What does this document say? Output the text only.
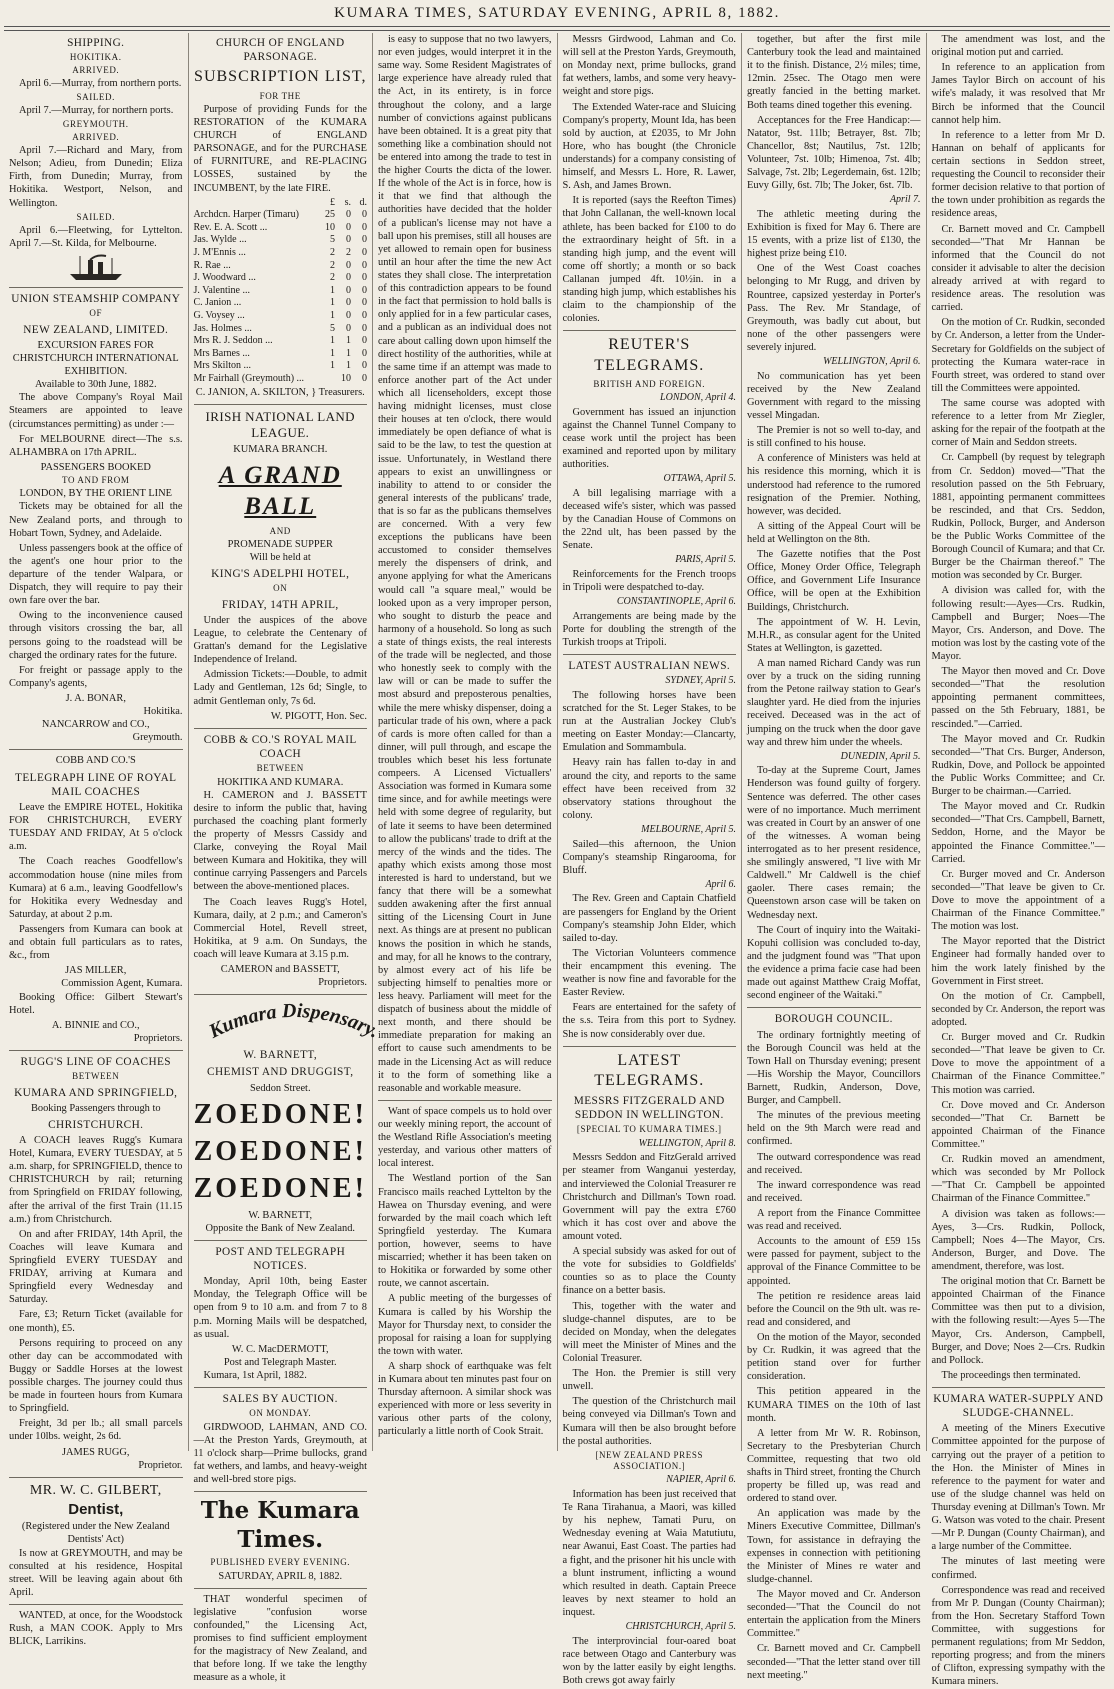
KUMARA TIMES, SATURDAY EVENING, APRIL 8, 1882.
SHIPPING.
HOKITIKA.
ARRIVED.
April 6.—Murray, from northern ports.
SAILED.
April 7.—Murray, for northern ports.
GREYMOUTH.
ARRIVED.
April 7.—Richard and Mary, from Nelson; Adieu, from Dunedin; Eliza Firth, from Dunedin; Murray, from Hokitika. Westport, Nelson, and Wellington.
SAILED.
April 6.—Fleetwing, for Lyttelton. April 7.—St. Kilda, for Melbourne.
UNION STEAMSHIP COMPANY
OF
NEW ZEALAND, LIMITED.
EXCURSION FARES FOR CHRISTCHURCH INTERNATIONAL EXHIBITION.
Available to 30th June, 1882.
The above Company's Royal Mail Steamers are appointed to leave (circumstances permitting) as under :—
For MELBOURNE direct—The s.s. ALHAMBRA on 17th APRIL.
PASSENGERS BOOKED
TO AND FROM
LONDON, BY THE ORIENT LINE
Tickets may be obtained for all the New Zealand ports, and through to Hobart Town, Sydney, and Adelaide.
Unless passengers book at the office of the agent's one hour prior to the departure of the tender Walpara, or Dispatch, they will require to pay their own fare over the bar.
Owing to the inconvenience caused through visitors crossing the bar, all persons going to the roadstead will be charged the ordinary rates for the future.
For freight or passage apply to the Company's agents,
J. A. BONAR,
Hokitika.
NANCARROW and CO.,
Greymouth.
COBB AND CO.'S
TELEGRAPH LINE OF ROYAL MAIL COACHES
Leave the EMPIRE HOTEL, Hokitika FOR CHRISTCHURCH, EVERY TUESDAY AND FRIDAY, At 5 o'clock a.m.
The Coach reaches Goodfellow's accommodation house (nine miles from Kumara) at 6 a.m., leaving Goodfellow's for Hokitika every Wednesday and Saturday, at about 2 p.m.
Passengers from Kumara can book at and obtain full particulars as to rates, &c., from
JAS MILLER,
Commission Agent, Kumara.
Booking Office: Gilbert Stewart's Hotel.
A. BINNIE and CO.,
Proprietors.
RUGG'S LINE OF COACHES
BETWEEN
KUMARA AND SPRINGFIELD,
Booking Passengers through to
CHRISTCHURCH.
A COACH leaves Rugg's Kumara Hotel, Kumara, EVERY TUESDAY, at 5 a.m. sharp, for SPRINGFIELD, thence to CHRISTCHURCH by rail; returning from Springfield on FRIDAY following, after the arrival of the first Train (11.15 a.m.) from Christchurch.
On and after FRIDAY, 14th April, the Coaches will leave Kumara and Springfield EVERY TUESDAY and FRIDAY, arriving at Kumara and Springfield every Wednesday and Saturday.
Fare, £3; Return Ticket (available for one month), £5.
Persons requiring to proceed on any other day can be accommodated with Buggy or Saddle Horses at the lowest possible charges. The journey could thus be made in fourteen hours from Kumara to Springfield.
Freight, 3d per lb.; all small parcels under 10lbs. weight, 2s 6d.
JAMES RUGG,
Proprietor.
MR. W. C. GILBERT,
Dentist,
(Registered under the New Zealand Dentists' Act)
Is now at GREYMOUTH, and may be consulted at his residence, Hospital street. Will be leaving again about 6th April.
WANTED, at once, for the Woodstock Rush, a MAN COOK. Apply to Mrs BLICK, Larrikins.
CHURCH OF ENGLAND PARSONAGE.
SUBSCRIPTION LIST,
FOR THE
Purpose of providing Funds for the RESTORATION of the KUMARA CHURCH of ENGLAND PARSONAGE, and for the PURCHASE of FURNITURE, and RE-PLACING LOSSES, sustained by the INCUMBENT, by the late FIRE.
	£	s.	d.
Archdcn. Harper (Timaru)	25	0	0
Rev. E. A. Scott ...	10	0	0
Jas. Wylde ...	5	0	0
J. M'Ennis ...	2	2	0
R. Rae ...	2	0	0
J. Woodward ...	2	0	0
J. Valentine ...	1	0	0
C. Janion ...	1	0	0
G. Voysey ...	1	0	0
Jas. Holmes ...	5	0	0
Mrs R. J. Seddon ...	1	1	0
Mrs Barnes ...	1	1	0
Mrs Skilton ...	1	1	0
Mr Fairhall (Greymouth) ...		10	0
C. JANION, A. SKILTON, } Treasurers.
IRISH NATIONAL LAND LEAGUE.
KUMARA BRANCH.
A GRAND BALL
AND
PROMENADE SUPPER
Will be held at
KING'S ADELPHI HOTEL,
ON
FRIDAY, 14TH APRIL,
Under the auspices of the above League, to celebrate the Centenary of Grattan's demand for the Legislative Independence of Ireland.
Admission Tickets:—Double, to admit Lady and Gentleman, 12s 6d; Single, to admit Gentleman only, 7s 6d.
W. PIGOTT, Hon. Sec.
COBB & CO.'S ROYAL MAIL COACH
BETWEEN
HOKITIKA AND KUMARA.
H. CAMERON and J. BASSETT desire to inform the public that, having purchased the coaching plant formerly the property of Messrs Cassidy and Clarke, conveying the Royal Mail between Kumara and Hokitika, they will continue carrying Passengers and Parcels between the above-mentioned places.
The Coach leaves Rugg's Hotel, Kumara, daily, at 2 p.m.; and Cameron's Commercial Hotel, Revell street, Hokitika, at 9 a.m. On Sundays, the coach will leave Kumara at 3.15 p.m.
CAMERON and BASSETT,
Proprietors.
Kumara Dispensary.
W. BARNETT,
CHEMIST AND DRUGGIST,
Seddon Street.
ZOEDONE!
ZOEDONE!
ZOEDONE!
W. BARNETT,
Opposite the Bank of New Zealand.
POST AND TELEGRAPH NOTICES.
Monday, April 10th, being Easter Monday, the Telegraph Office will be open from 9 to 10 a.m. and from 7 to 8 p.m. Morning Mails will be despatched, as usual.
W. C. MacDERMOTT,
Post and Telegraph Master.
Kumara, 1st April, 1882.
SALES BY AUCTION.
ON MONDAY.
GIRDWOOD, LAHMAN, AND CO.—At the Preston Yards, Greymouth, at 11 o'clock sharp—Prime bullocks, grand fat wethers, and lambs, and heavy-weight and well-bred store pigs.
The Kumara Times.
PUBLISHED EVERY EVENING.
SATURDAY, APRIL 8, 1882.
THAT wonderful specimen of legislative "confusion worse confounded," the Licensing Act, promises to find sufficient employment for the magistracy of New Zealand, and that before long. If we take the lengthy measure as a whole, it
is easy to suppose that no two lawyers, nor even judges, would interpret it in the same way. Some Resident Magistrates of large experience have already ruled that the Act, in its entirety, is in force throughout the colony, and a large number of convictions against publicans have been obtained. It is a great pity that something like a combination should not be entered into among the trade to test in the higher Courts the dicta of the lower. If the whole of the Act is in force, how is it that we find that although the authorities have decided that the holder of a publican's license may not have a ball upon his premises, still all houses are yet allowed to remain open for business until an hour after the time the new Act states they shall close. The interpretation of this contradiction appears to be found in the fact that permission to hold balls is only applied for in a few particular cases, and a publican as an individual does not care about calling down upon himself the direct hostility of the authorities, while at the same time if an attempt was made to enforce another part of the Act under which all licenseholders, except those having midnight licenses, must close their houses at ten o'clock, there would immediately be open defiance of what is said to be the law, to test the question at issue. Unfortunately, in Westland there appears to exist an unwillingness or inability to attend to or consider the general interests of the publicans' trade, that is so far as the publicans themselves are concerned. With a very few exceptions the publicans have been accustomed to consider themselves merely the dispensers of drink, and anyone applying for what the Americans would call "a square meal," would be looked upon as a very improper person, who sought to disturb the peace and harmony of a household. So long as such a state of things exists, the real interests of the trade will be neglected, and those who honestly seek to comply with the law will or can be made to suffer the most absurd and preposterous penalties, while the mere whisky dispenser, doing a particular trade of his own, where a pack of cards is more often called for than a dinner, will pull through, and escape the troubles which beset his less fortunate compeers. A Licensed Victuallers' Association was formed in Kumara some time since, and for awhile meetings were held with some degree of regularity, but of late it seems to have been determined to allow the publicans' trade to drift at the mercy of the winds and the tides. The apathy which exists among those most interested is hard to understand, but we fancy that there will be a somewhat sudden awakening after the first annual sitting of the Licensing Court in June next. As things are at present no publican knows the position in which he stands, and may, for all he knows to the contrary, by almost every act of his life be subjecting himself to penalties more or less heavy. Parliament will meet for the dispatch of business about the middle of next month, and there should be immediate preparation for making an effort to cause such amendments to be made in the Licensing Act as will reduce it to the form of something like a reasonable and workable measure.
Want of space compels us to hold over our weekly mining report, the account of the Westland Rifle Association's meeting yesterday, and various other matters of local interest.
The Westland portion of the San Francisco mails reached Lyttelton by the Hawea on Thursday evening, and were forwarded by the mail coach which left Springfield yesterday. The Kumara portion, however, seems to have miscarried; whether it has been taken on to Hokitika or forwarded by some other route, we cannot ascertain.
A public meeting of the burgesses of Kumara is called by his Worship the Mayor for Thursday next, to consider the proposal for raising a loan for supplying the town with water.
A sharp shock of earthquake was felt in Kumara about ten minutes past four on Thursday afternoon. A similar shock was experienced with more or less severity in various other parts of the colony, particularly a little north of Cook Strait.
Messrs Girdwood, Lahman and Co. will sell at the Preston Yards, Greymouth, on Monday next, prime bullocks, grand fat wethers, lambs, and some very heavy-weight and store pigs.
The Extended Water-race and Sluicing Company's property, Mount Ida, has been sold by auction, at £2035, to Mr John Hore, who has bought (the Chronicle understands) for a company consisting of himself, and Messrs L. Hore, R. Lawer, S. Ash, and James Brown.
It is reported (says the Reefton Times) that John Callanan, the well-known local athlete, has been backed for £100 to do the extraordinary height of 5ft. in a standing high jump, and the event will come off shortly; a month or so back Callanan jumped 4ft. 10½in. in a standing high jump, which establishes his claim to the championship of the colonies.
REUTER'S TELEGRAMS.
BRITISH AND FOREIGN.
LONDON, April 4.
Government has issued an injunction against the Channel Tunnel Company to cease work until the project has been examined and reported upon by military authorities.
OTTAWA, April 5.
A bill legalising marriage with a deceased wife's sister, which was passed by the Canadian House of Commons on the 22nd ult, has been passed by the Senate.
PARIS, April 5.
Reinforcements for the French troops in Tripoli were despatched to-day.
CONSTANTINOPLE, April 6.
Arrangements are being made by the Porte for doubling the strength of the Turkish troops at Tripoli.
LATEST AUSTRALIAN NEWS.
SYDNEY, April 5.
The following horses have been scratched for the St. Leger Stakes, to be run at the Australian Jockey Club's meeting on Easter Monday:—Clancarty, Emulation and Sommambula.
Heavy rain has fallen to-day in and around the city, and reports to the same effect have been received from 32 observatory stations throughout the colony.
MELBOURNE, April 5.
Sailed—this afternoon, the Union Company's steamship Ringarooma, for Bluff.
April 6.
The Rev. Green and Captain Chatfield are passengers for England by the Orient Company's steamship John Elder, which sailed to-day.
The Victorian Volunteers commence their encampment this evening. The weather is now fine and favorable for the Easter Review.
Fears are entertained for the safety of the s.s. Teira from this port to Sydney. She is now considerably over due.
LATEST TELEGRAMS.
MESSRS FITZGERALD AND SEDDON IN WELLINGTON.
[SPECIAL TO KUMARA TIMES.]
WELLINGTON, April 8.
Messrs Seddon and FitzGerald arrived per steamer from Wanganui yesterday, and interviewed the Colonial Treasurer re Christchurch and Dillman's Town road. Government will pay the extra £760 which it has cost over and above the amount voted.
A special subsidy was asked for out of the vote for subsidies to Goldfields' counties so as to place the County finance on a better basis.
This, together with the water and sludge-channel disputes, are to be decided on Monday, when the delegates will meet the Minister of Mines and the Colonial Treasurer.
The Hon. the Premier is still very unwell.
The question of the Christchurch mail being conveyed via Dillman's Town and Kumara will then be also brought before the postal authorities.
[NEW ZEALAND PRESS ASSOCIATION.]
NAPIER, April 6.
Information has been just received that Te Rana Tirahanua, a Maori, was killed by his nephew, Tamati Puru, on Wednesday evening at Waia Matutiutu, near Awanui, East Coast. The parties had a fight, and the prisoner hit his uncle with a blunt instrument, inflicting a wound which resulted in death. Captain Preece leaves by next steamer to hold an inquest.
CHRISTCHURCH, April 5.
The interprovincial four-oared boat race between Otago and Canterbury was won by the latter easily by eight lengths. Both crews got away fairly
together, but after the first mile Canterbury took the lead and maintained it to the finish. Distance, 2½ miles; time, 12min. 25sec. The Otago men were greatly fancied in the betting market. Both teams dined together this evening.
Acceptances for the Free Handicap:—Natator, 9st. 11lb; Betrayer, 8st. 7lb; Chancellor, 8st; Nautilus, 7st. 12lb; Volunteer, 7st. 10lb; Himenoa, 7st. 4lb; Salvage, 7st. 2lb; Legerdemain, 6st. 12lb; Euvy Gilly, 6st. 7lb; The Joker, 6st. 7lb.
April 7.
The athletic meeting during the Exhibition is fixed for May 6. There are 15 events, with a prize list of £130, the highest prize being £10.
One of the West Coast coaches belonging to Mr Rugg, and driven by Rountree, capsized yesterday in Porter's Pass. The Rev. Mr Standage, of Greymouth, was badly cut about, but none of the other passengers were severely injured.
WELLINGTON, April 6.
No communication has yet been received by the New Zealand Government with regard to the missing vessel Mingadan.
The Premier is not so well to-day, and is still confined to his house.
A conference of Ministers was held at his residence this morning, which it is understood had reference to the rumored resignation of the Premier. Nothing, however, was decided.
A sitting of the Appeal Court will be held at Wellington on the 8th.
The Gazette notifies that the Post Office, Money Order Office, Telegraph Office, and Government Life Insurance Office, will be open at the Exhibition Buildings, Christchurch.
The appointment of W. H. Levin, M.H.R., as consular agent for the United States at Wellington, is gazetted.
A man named Richard Candy was run over by a truck on the siding running from the Petone railway station to Gear's slaughter yard. He died from the injuries received. Deceased was in the act of jumping on the truck when the door gave way and threw him under the wheels.
DUNEDIN, April 5.
To-day at the Supreme Court, James Henderson was found guilty of forgery. Sentence was deferred. The other cases were of no importance. Much merriment was created in Court by an answer of one of the witnesses. A woman being interrogated as to her present residence, she smilingly answered, "I live with Mr Caldwell." Mr Caldwell is the chief gaoler. There cases remain; the Queenstown arson case will be taken on Wednesday next.
The Court of inquiry into the Waitaki-Kopuhi collision was concluded to-day, and the judgment found was "That upon the evidence a prima facie case had been made out against Matthew Craig Moffat, second engineer of the Waitaki."
BOROUGH COUNCIL.
The ordinary fortnightly meeting of the Borough Council was held at the Town Hall on Thursday evening; present—His Worship the Mayor, Councillors Barnett, Rudkin, Anderson, Dove, Burger, and Campbell.
The minutes of the previous meeting held on the 9th March were read and confirmed.
The outward correspondence was read and received.
The inward correspondence was read and received.
A report from the Finance Committee was read and received.
Accounts to the amount of £59 15s were passed for payment, subject to the approval of the Finance Committee to be appointed.
The petition re residence areas laid before the Council on the 9th ult. was re-read and considered, and
On the motion of the Mayor, seconded by Cr. Rudkin, it was agreed that the petition stand over for further consideration.
This petition appeared in the KUMARA TIMES on the 10th of last month.
A letter from Mr W. R. Robinson, Secretary to the Presbyterian Church Committee, requesting that two old shafts in Third street, fronting the Church property be filled up, was read and ordered to stand over.
An application was made by the Miners Executive Committee, Dillman's Town, for assistance in defraying the expenses in connection with petitioning the Minister of Mines re water and sludge-channel.
The Mayor moved and Cr. Anderson seconded—"That the Council do not entertain the application from the Miners Committee."
Cr. Barnett moved and Cr. Campbell seconded—"That the letter stand over till next meeting."
The amendment was lost, and the original motion put and carried.
In reference to an application from James Taylor Birch on account of his wife's malady, it was resolved that Mr Birch be informed that the Council cannot help him.
In reference to a letter from Mr D. Hannan on behalf of applicants for certain sections in Seddon street, requesting the Council to reconsider their former decision relative to that portion of the town under prohibition as regards the residence areas,
Cr. Barnett moved and Cr. Campbell seconded—"That Mr Hannan be informed that the Council do not consider it advisable to alter the decision already arrived at with regard to residence areas. The resolution was carried.
On the motion of Cr. Rudkin, seconded by Cr. Anderson, a letter from the Under-Secretary for Goldfields on the subject of protecting the Kumara water-race in Fourth street, was ordered to stand over till the Committees were appointed.
The same course was adopted with reference to a letter from Mr Ziegler, asking for the repair of the footpath at the corner of Main and Seddon streets.
Cr. Campbell (by request by telegraph from Cr. Seddon) moved—"That the resolution passed on the 5th February, 1881, appointing permanent committees be rescinded, and that Crs. Seddon, Rudkin, Pollock, Burger, and Anderson be the Public Works Committee of the Borough Council of Kumara; and that Cr. Burger be the Chairman thereof." The motion was seconded by Cr. Burger.
A division was called for, with the following result:—Ayes—Crs. Rudkin, Campbell and Burger; Noes—The Mayor, Crs. Anderson, and Dove. The motion was lost by the casting vote of the Mayor.
The Mayor then moved and Cr. Dove seconded—"That the resolution appointing permanent committees, passed on the 5th February, 1881, be rescinded."—Carried.
The Mayor moved and Cr. Rudkin seconded—"That Crs. Burger, Anderson, Rudkin, Dove, and Pollock be appointed the Public Works Committee; and Cr. Burger to be chairman.—Carried.
The Mayor moved and Cr. Rudkin seconded—"That Crs. Campbell, Barnett, Seddon, Horne, and the Mayor be appointed the Finance Committee."—Carried.
Cr. Burger moved and Cr. Anderson seconded—"That leave be given to Cr. Dove to move the appointment of a Chairman of the Finance Committee." The motion was lost.
The Mayor reported that the District Engineer had formally handed over to him the work lately finished by the Government in First street.
On the motion of Cr. Campbell, seconded by Cr. Anderson, the report was adopted.
Cr. Burger moved and Cr. Rudkin seconded—"That leave be given to Cr. Dove to move the appointment of a Chairman of the Finance Committee." This motion was carried.
Cr. Dove moved and Cr. Anderson seconded—"That Cr. Barnett be appointed Chairman of the Finance Committee."
Cr. Rudkin moved an amendment, which was seconded by Mr Pollock—"That Cr. Campbell be appointed Chairman of the Finance Committee."
A division was taken as follows:—Ayes, 3—Crs. Rudkin, Pollock, Campbell; Noes 4—The Mayor, Crs. Anderson, Burger, and Dove. The amendment, therefore, was lost.
The original motion that Cr. Barnett be appointed Chairman of the Finance Committee was then put to a division, with the following result:—Ayes 5—The Mayor, Crs. Anderson, Campbell, Burger, and Dove; Noes 2—Crs. Rudkin and Pollock.
The proceedings then terminated.
KUMARA WATER-SUPPLY AND SLUDGE-CHANNEL.
A meeting of the Miners Executive Committee appointed for the purpose of carrying out the prayer of a petition to the Hon. the Minister of Mines in reference to the payment for water and use of the sludge channel was held on Thursday evening at Dillman's Town. Mr G. Watson was voted to the chair. Present—Mr P. Dungan (County Chairman), and a large number of the Committee.
The minutes of last meeting were confirmed.
Correspondence was read and received from Mr P. Dungan (County Chairman); from the Hon. Secretary Stafford Town Committee, with suggestions for permanent regulations; from Mr Seddon, reporting progress; and from the miners of Clifton, expressing sympathy with the Kumara miners.
